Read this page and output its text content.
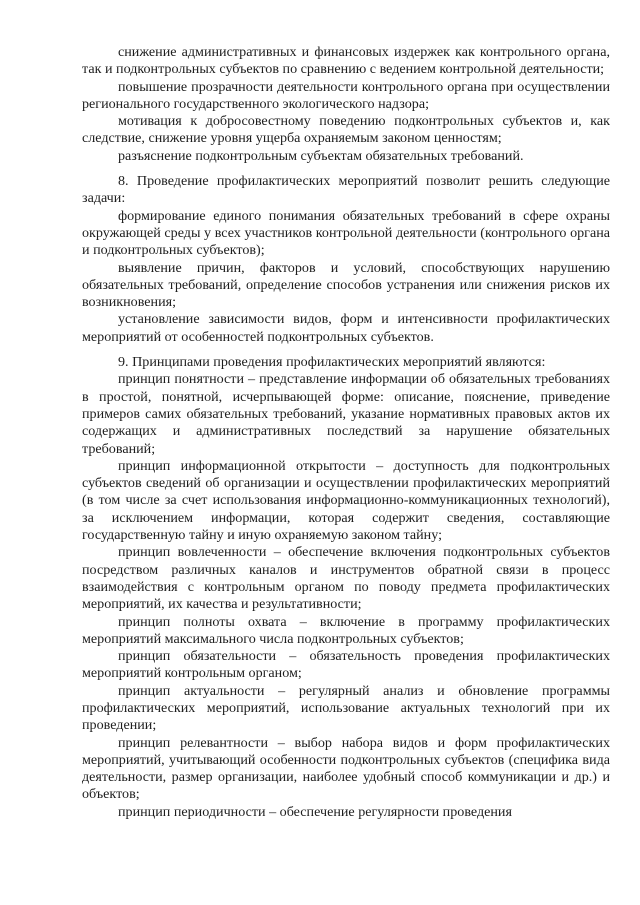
снижение административных и финансовых издержек как контрольного органа, так и подконтрольных субъектов по сравнению с ведением контрольной деятельности;

повышение прозрачности деятельности контрольного органа при осуществлении регионального государственного экологического надзора;

мотивация к добросовестному поведению подконтрольных субъектов и, как следствие, снижение уровня ущерба охраняемым законом ценностям;

разъяснение подконтрольным субъектам обязательных требований.

8. Проведение профилактических мероприятий позволит решить следующие задачи:

формирование единого понимания обязательных требований в сфере охраны окружающей среды у всех участников контрольной деятельности (контрольного органа и подконтрольных субъектов);

выявление причин, факторов и условий, способствующих нарушению обязательных требований, определение способов устранения или снижения рисков их возникновения;

установление зависимости видов, форм и интенсивности профилактических мероприятий от особенностей подконтрольных субъектов.

9. Принципами проведения профилактических мероприятий являются:

принцип понятности – представление информации об обязательных требованиях в простой, понятной, исчерпывающей форме: описание, пояснение, приведение примеров самих обязательных требований, указание нормативных правовых актов их содержащих и административных последствий за нарушение обязательных требований;

принцип информационной открытости – доступность для подконтрольных субъектов сведений об организации и осуществлении профилактических мероприятий (в том числе за счет использования информационно-коммуникационных технологий), за исключением информации, которая содержит сведения, составляющие государственную тайну и иную охраняемую законом тайну;

принцип вовлеченности – обеспечение включения подконтрольных субъектов посредством различных каналов и инструментов обратной связи в процесс взаимодействия с контрольным органом по поводу предмета профилактических мероприятий, их качества и результативности;

принцип полноты охвата – включение в программу профилактических мероприятий максимального числа подконтрольных субъектов;

принцип обязательности – обязательность проведения профилактических мероприятий контрольным органом;

принцип актуальности – регулярный анализ и обновление программы профилактических мероприятий, использование актуальных технологий при их проведении;

принцип релевантности – выбор набора видов и форм профилактических мероприятий, учитывающий особенности подконтрольных субъектов (специфика вида деятельности, размер организации, наиболее удобный способ коммуникации и др.) и объектов;

принцип периодичности – обеспечение регулярности проведения
